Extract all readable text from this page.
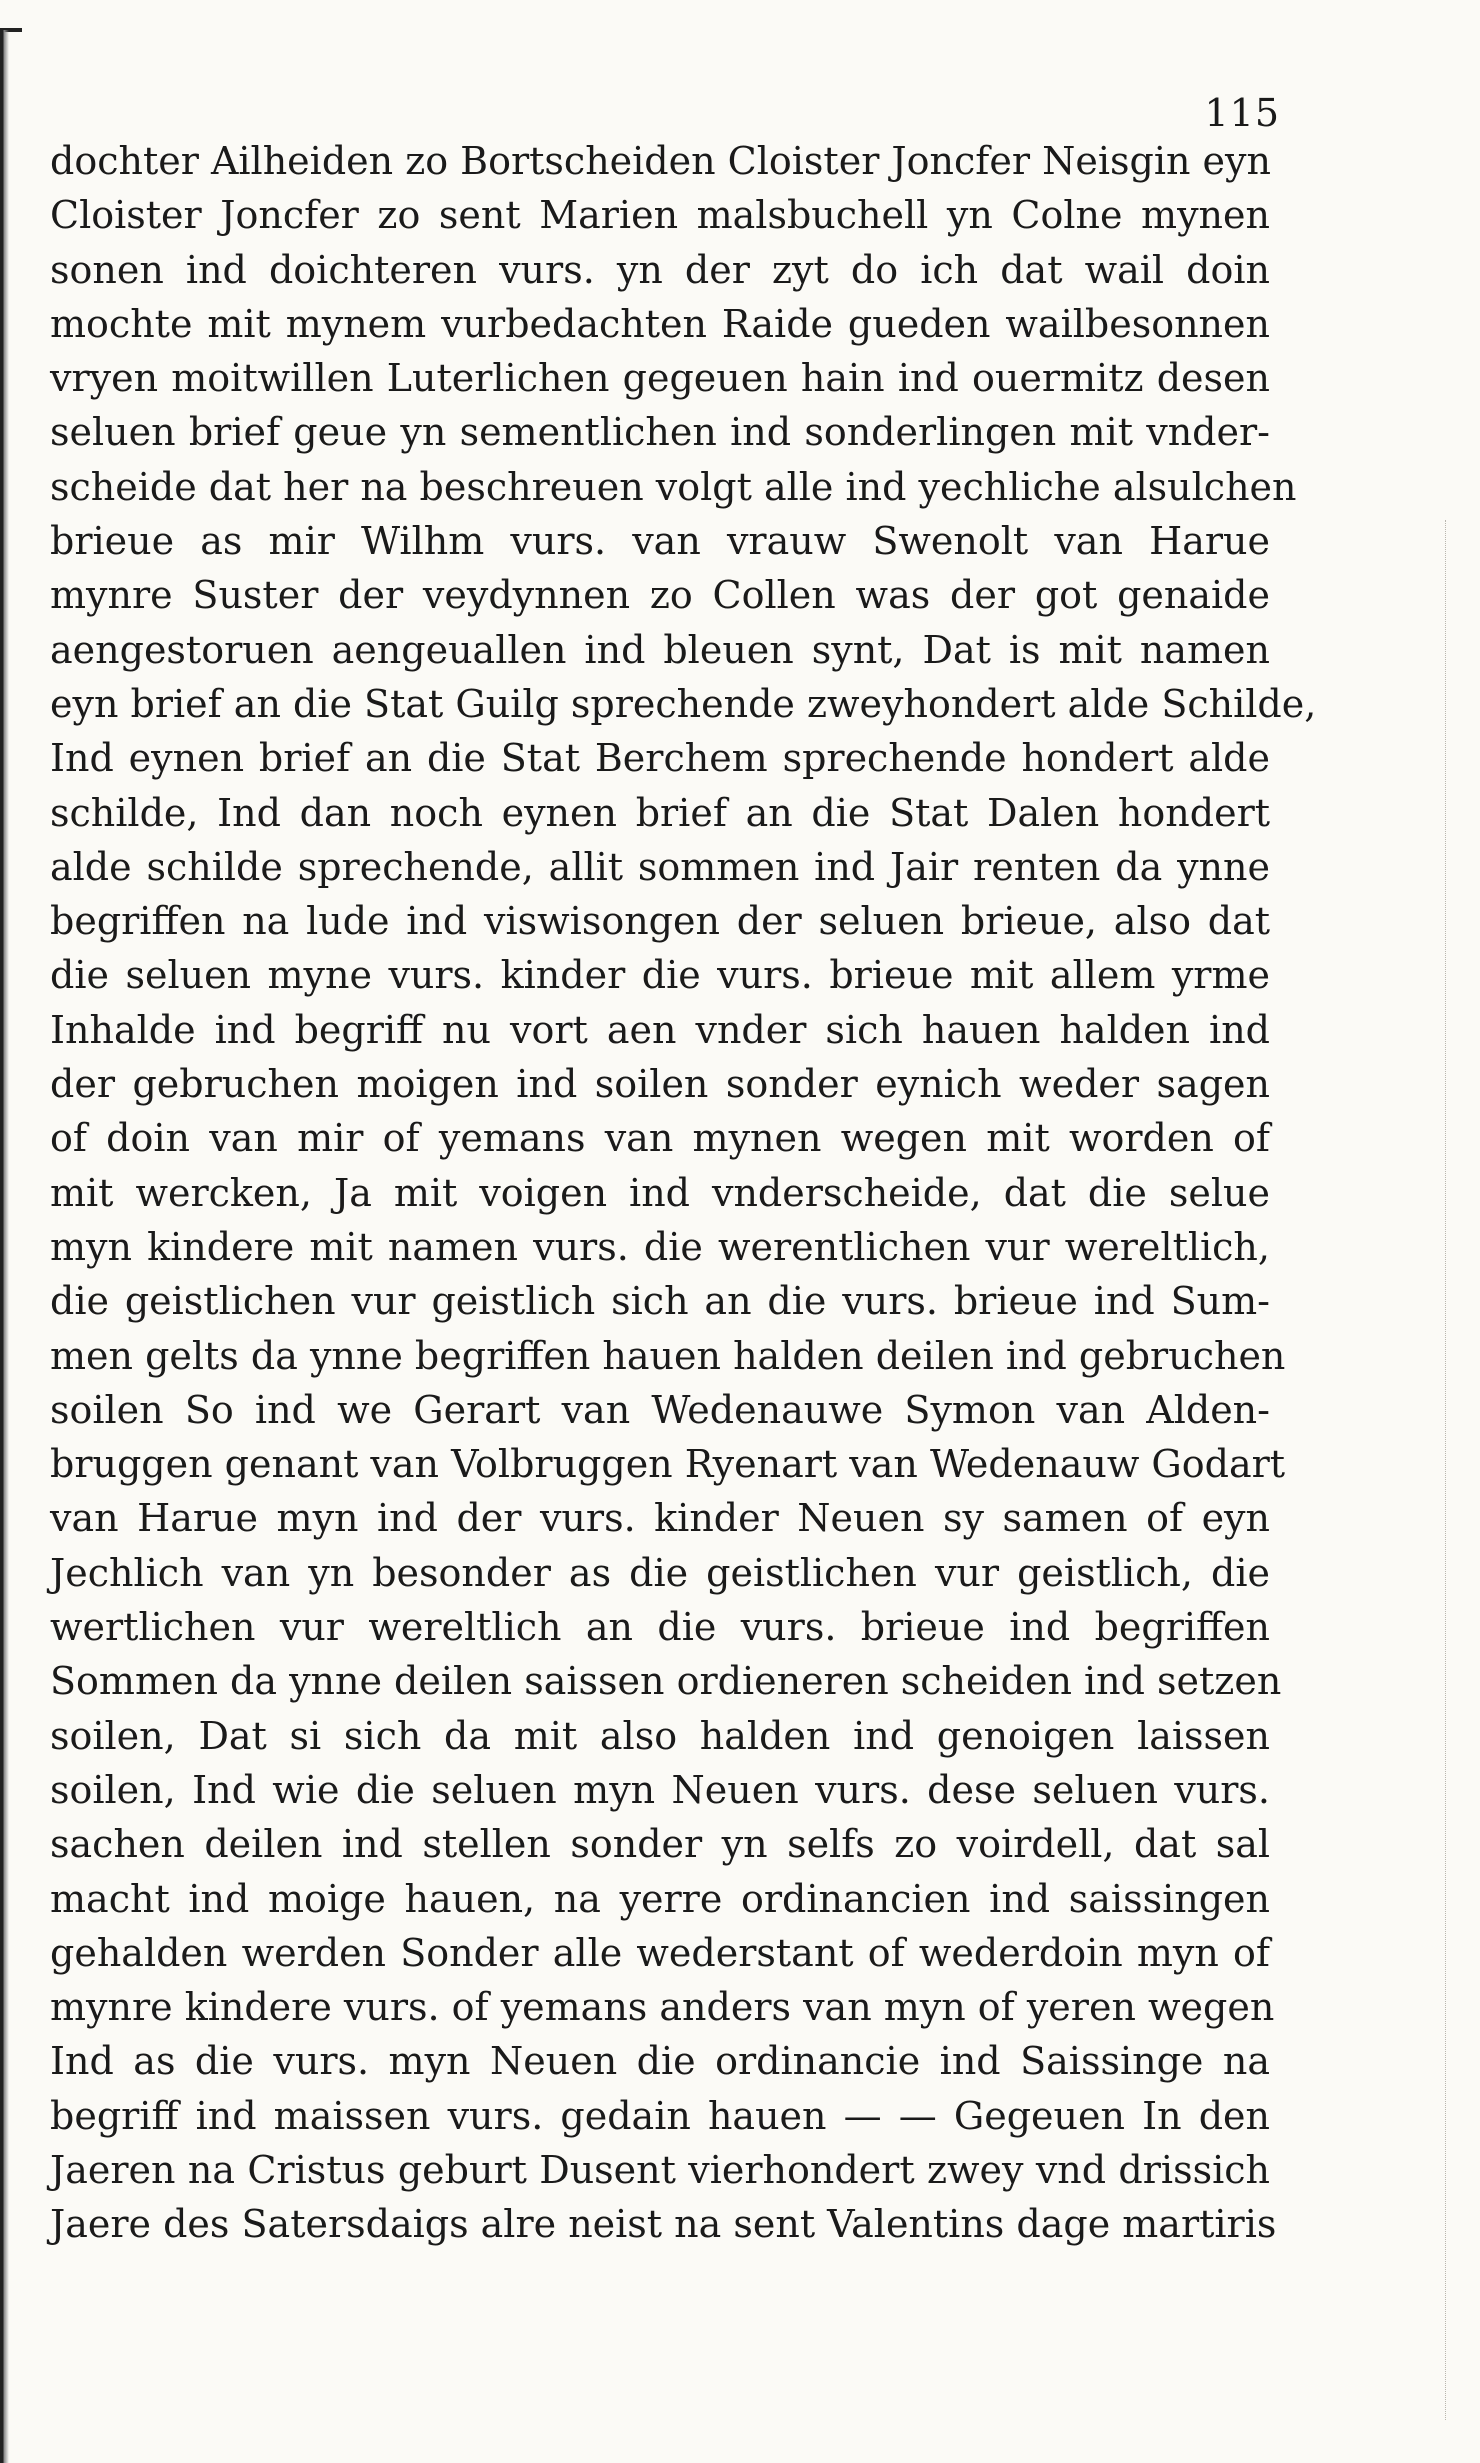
115
dochter Ailheiden zo Bortscheiden Cloister Joncfer Neisgin eyn
Cloister Joncfer zo sent Marien malsbuchell yn Colne mynen
sonen ind doichteren vurs. yn der zyt do ich dat wail doin
mochte mit mynem vurbedachten Raide gueden wailbesonnen
vryen moitwillen Luterlichen gegeuen hain ind ouermitz desen
seluen brief geue yn sementlichen ind sonderlingen mit vnder-
scheide dat her na beschreuen volgt alle ind yechliche alsulchen
brieue as mir Wilhm vurs. van vrauw Swenolt van Harue
mynre Suster der veydynnen zo Collen was der got genaide
aengestoruen aengeuallen ind bleuen synt, Dat is mit namen
eyn brief an die Stat Guilg sprechende zweyhondert alde Schilde,
Ind eynen brief an die Stat Berchem sprechende hondert alde
schilde, Ind dan noch eynen brief an die Stat Dalen hondert
alde schilde sprechende, allit sommen ind Jair renten da ynne
begriffen na lude ind viswisongen der seluen brieue, also dat
die seluen myne vurs. kinder die vurs. brieue mit allem yrme
Inhalde ind begriff nu vort aen vnder sich hauen halden ind
der gebruchen moigen ind soilen sonder eynich weder sagen
of doin van mir of yemans van mynen wegen mit worden of
mit wercken, Ja mit voigen ind vnderscheide, dat die selue
myn kindere mit namen vurs. die werentlichen vur wereltlich,
die geistlichen vur geistlich sich an die vurs. brieue ind Sum-
men gelts da ynne begriffen hauen halden deilen ind gebruchen
soilen So ind we Gerart van Wedenauwe Symon van Alden-
bruggen genant van Volbruggen Ryenart van Wedenauw Godart
van Harue myn ind der vurs. kinder Neuen sy samen of eyn
Jechlich van yn besonder as die geistlichen vur geistlich, die
wertlichen vur wereltlich an die vurs. brieue ind begriffen
Sommen da ynne deilen saissen ordieneren scheiden ind setzen
soilen, Dat si sich da mit also halden ind genoigen laissen
soilen, Ind wie die seluen myn Neuen vurs. dese seluen vurs.
sachen deilen ind stellen sonder yn selfs zo voirdell, dat sal
macht ind moige hauen, na yerre ordinancien ind saissingen
gehalden werden Sonder alle wederstant of wederdoin myn of
mynre kindere vurs. of yemans anders van myn of yeren wegen
Ind as die vurs. myn Neuen die ordinancie ind Saissinge na
begriff ind maissen vurs. gedain hauen — — Gegeuen In den
Jaeren na Cristus geburt Dusent vierhondert zwey vnd drissich
Jaere des Satersdaigs alre neist na sent Valentins dage martiris
